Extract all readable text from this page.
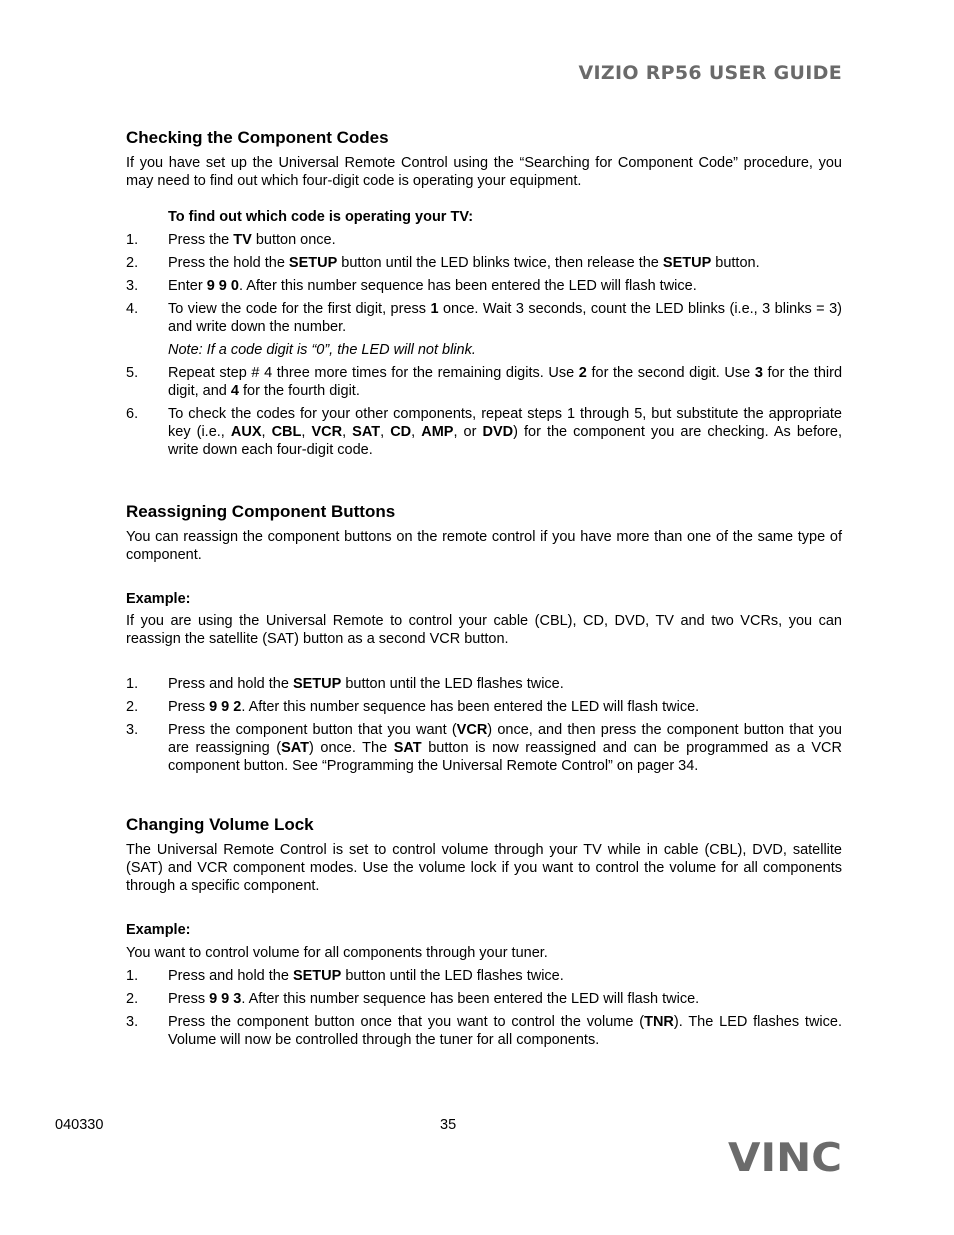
VIZIO RP56 USER GUIDE
Checking the Component Codes

If you have set up the Universal Remote Control using the “Searching for Component Code” procedure, you may need to find out which four-digit code is operating your equipment.

To find out which code is operating your TV:
1. Press the TV button once.
2. Press the hold the SETUP button until the LED blinks twice, then release the SETUP button.
3. Enter 9 9 0. After this number sequence has been entered the LED will flash twice.
4. To view the code for the first digit, press 1 once. Wait 3 seconds, count the LED blinks (i.e., 3 blinks = 3) and write down the number.
Note: If a code digit is “0”, the LED will not blink.
5. Repeat step # 4 three more times for the remaining digits. Use 2 for the second digit. Use 3 for the third digit, and 4 for the fourth digit.
6. To check the codes for your other components, repeat steps 1 through 5, but substitute the appropriate key (i.e., AUX, CBL, VCR, SAT, CD, AMP, or DVD) for the component you are checking. As before, write down each four-digit code.
Reassigning Component Buttons

You can reassign the component buttons on the remote control if you have more than one of the same type of component.

Example:

If you are using the Universal Remote to control your cable (CBL), CD, DVD, TV and two VCRs, you can reassign the satellite (SAT) button as a second VCR button.

1. Press and hold the SETUP button until the LED flashes twice.
2. Press 9 9 2. After this number sequence has been entered the LED will flash twice.
3. Press the component button that you want (VCR) once, and then press the component button that you are reassigning (SAT) once. The SAT button is now reassigned and can be programmed as a VCR component button. See “Programming the Universal Remote Control” on pager 34.
Changing Volume Lock

The Universal Remote Control is set to control volume through your TV while in cable (CBL), DVD, satellite (SAT) and VCR component modes. Use the volume lock if you want to control the volume for all components through a specific component.

Example:

You want to control volume for all components through your tuner.

1. Press and hold the SETUP button until the LED flashes twice.
2. Press 9 9 3. After this number sequence has been entered the LED will flash twice.
3. Press the component button once that you want to control the volume (TNR). The LED flashes twice. Volume will now be controlled through the tuner for all components.
040330	35
VINC
